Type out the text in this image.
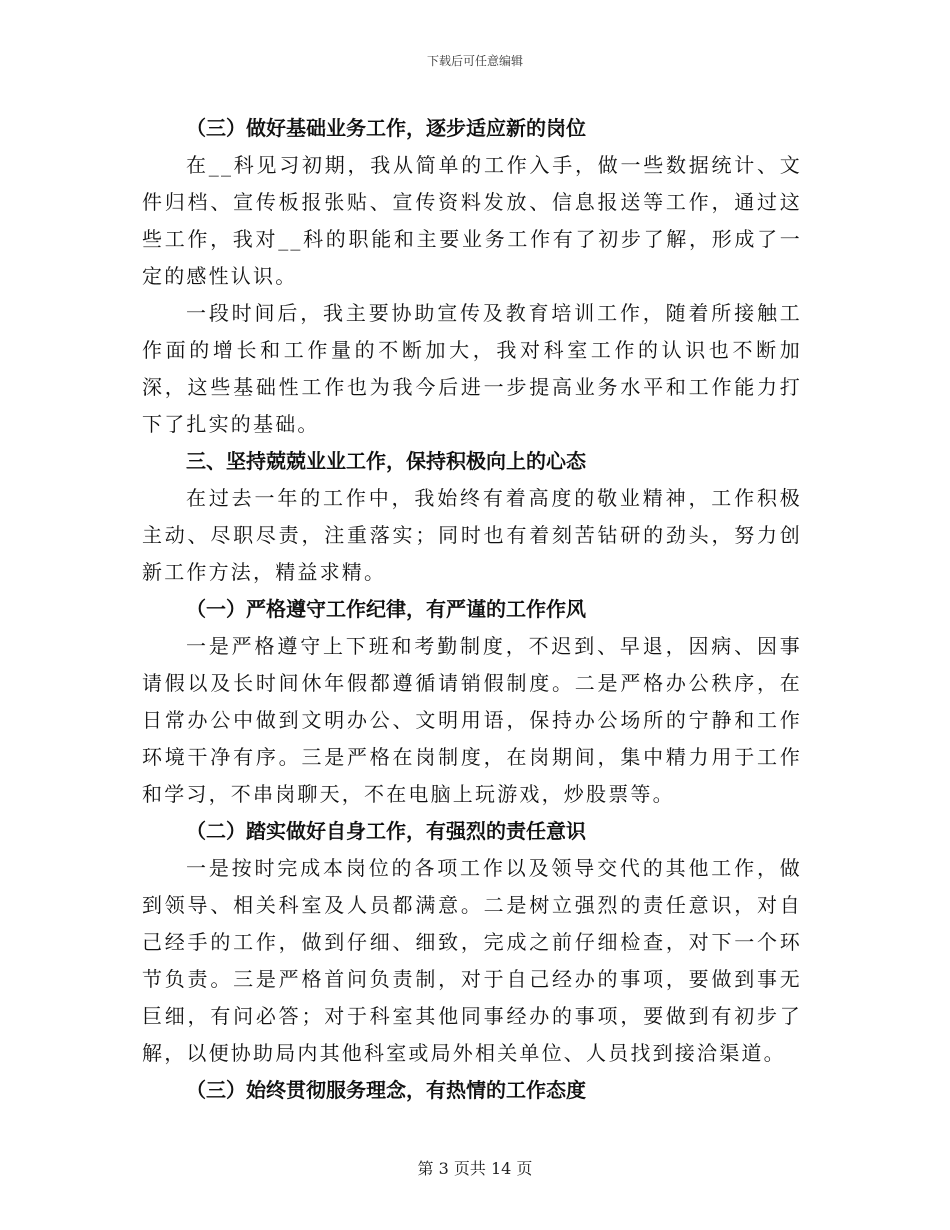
下载后可任意编辑
（三）做好基础业务工作，逐步适应新的岗位

在__科见习初期，我从简单的工作入手，做一些数据统计、文件归档、宣传板报张贴、宣传资料发放、信息报送等工作，通过这些工作，我对__科的职能和主要业务工作有了初步了解，形成了一定的感性认识。

一段时间后，我主要协助宣传及教育培训工作，随着所接触工作面的增长和工作量的不断加大，我对科室工作的认识也不断加深，这些基础性工作也为我今后进一步提高业务水平和工作能力打下了扎实的基础。

三、坚持兢兢业业工作，保持积极向上的心态

在过去一年的工作中，我始终有着高度的敬业精神，工作积极主动、尽职尽责，注重落实；同时也有着刻苦钻研的劲头，努力创新工作方法，精益求精。

（一）严格遵守工作纪律，有严谨的工作作风

一是严格遵守上下班和考勤制度，不迟到、早退，因病、因事请假以及长时间休年假都遵循请销假制度。二是严格办公秩序，在日常办公中做到文明办公、文明用语，保持办公场所的宁静和工作环境干净有序。三是严格在岗制度，在岗期间，集中精力用于工作和学习，不串岗聊天，不在电脑上玩游戏，炒股票等。

（二）踏实做好自身工作，有强烈的责任意识

一是按时完成本岗位的各项工作以及领导交代的其他工作，做到领导、相关科室及人员都满意。二是树立强烈的责任意识，对自己经手的工作，做到仔细、细致，完成之前仔细检查，对下一个环节负责。三是严格首问负责制，对于自己经办的事项，要做到事无巨细，有问必答；对于科室其他同事经办的事项，要做到有初步了解，以便协助局内其他科室或局外相关单位、人员找到接洽渠道。

（三）始终贯彻服务理念，有热情的工作态度
第 3 页共 14 页
